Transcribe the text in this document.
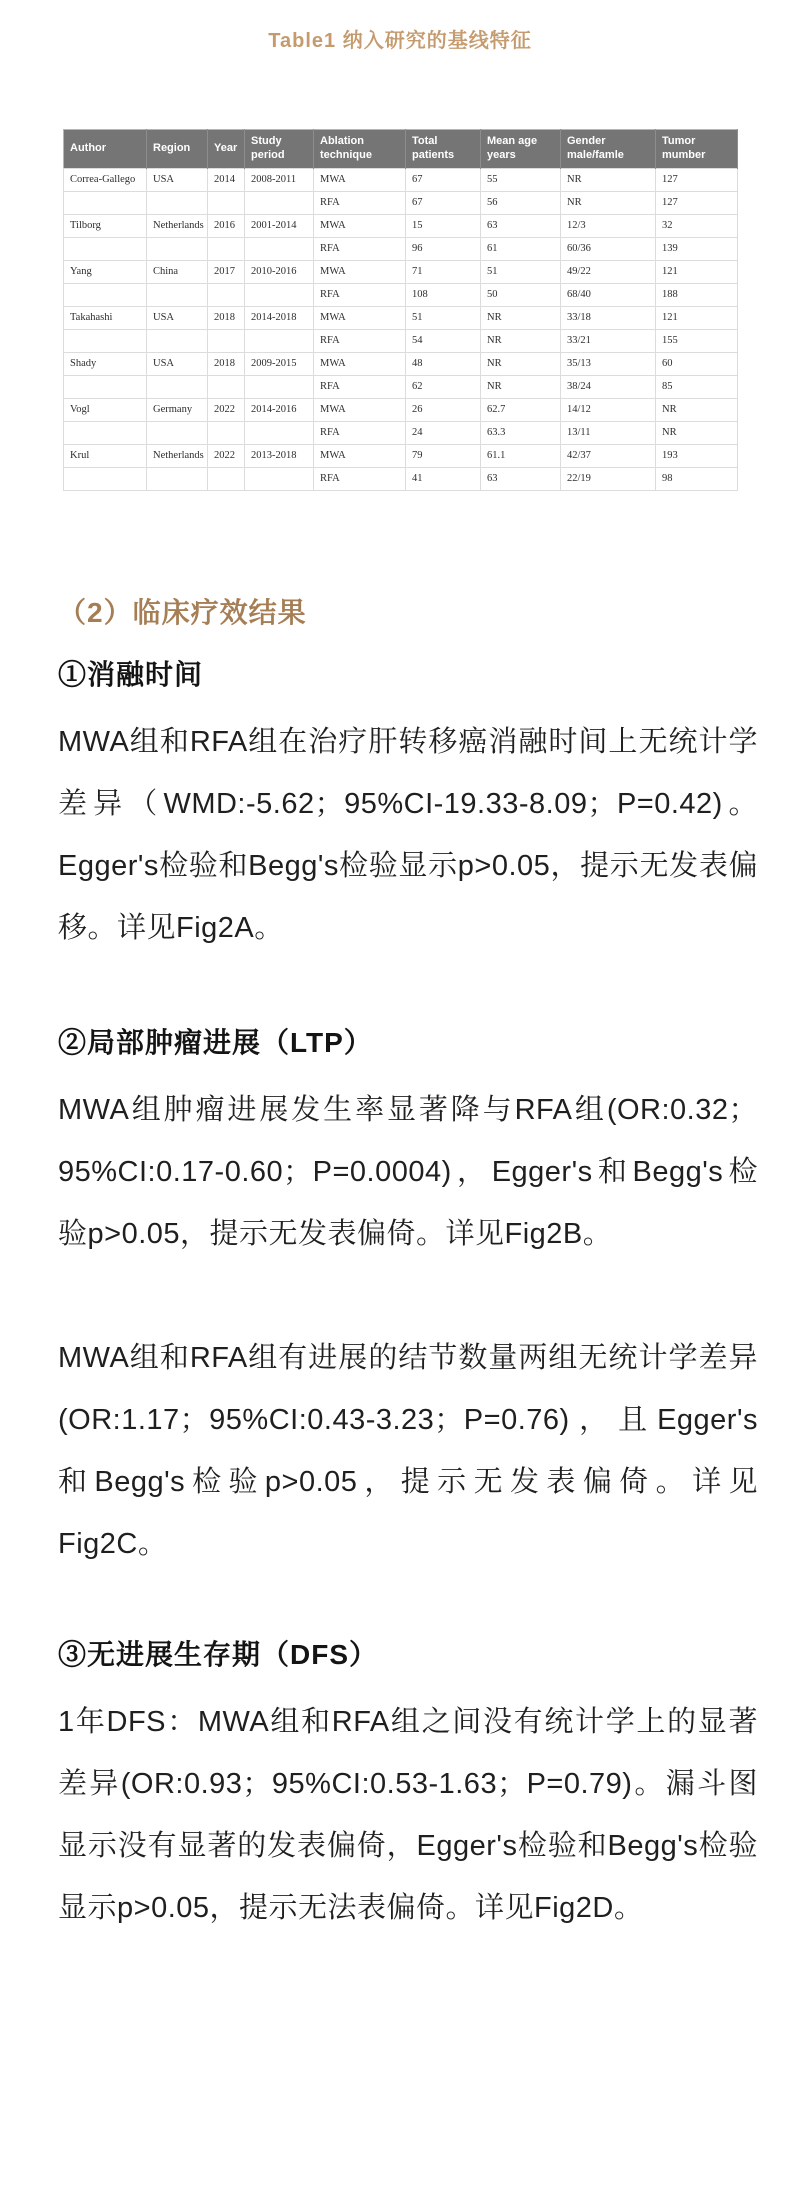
Table1 纳入研究的基线特征
Author	Region	Year	Study period	Ablation technique	Total patients	Mean age years	Gender male/famle	Tumor mumber
Correa-Gallego	USA	2014	2008-2011	MWA	67	55	NR	127
				RFA	67	56	NR	127
Tilborg	Netherlands	2016	2001-2014	MWA	15	63	12/3	32
				RFA	96	61	60/36	139
Yang	China	2017	2010-2016	MWA	71	51	49/22	121
				RFA	108	50	68/40	188
Takahashi	USA	2018	2014-2018	MWA	51	NR	33/18	121
				RFA	54	NR	33/21	155
Shady	USA	2018	2009-2015	MWA	48	NR	35/13	60
				RFA	62	NR	38/24	85
Vogl	Germany	2022	2014-2016	MWA	26	62.7	14/12	NR
				RFA	24	63.3	13/11	NR
Krul	Netherlands	2022	2013-2018	MWA	79	61.1	42/37	193
				RFA	41	63	22/19	98
（2）临床疗效结果
①消融时间
MWA组和RFA组在治疗肝转移癌消融时间上无统计学差异（WMD:-5.62；95%CI-19.33-8.09；P=0.42)。Egger's检验和Begg's检验显示p>0.05，提示无发表偏移。详见Fig2A。
②局部肿瘤进展（LTP）
MWA组肿瘤进展发生率显著降与RFA组(OR:0.32；95%CI:0.17-0.60；P=0.0004)，Egger's和Begg's检验p>0.05，提示无发表偏倚。详见Fig2B。
MWA组和RFA组有进展的结节数量两组无统计学差异(OR:1.17；95%CI:0.43-3.23；P=0.76)，且Egger's和Begg's检验p>0.05，提示无发表偏倚。详见Fig2C。
③无进展生存期（DFS）
1年DFS：MWA组和RFA组之间没有统计学上的显著差异(OR:0.93；95%CI:0.53-1.63；P=0.79)。漏斗图显示没有显著的发表偏倚，Egger's检验和Begg's检验显示p>0.05，提示无法表偏倚。详见Fig2D。
